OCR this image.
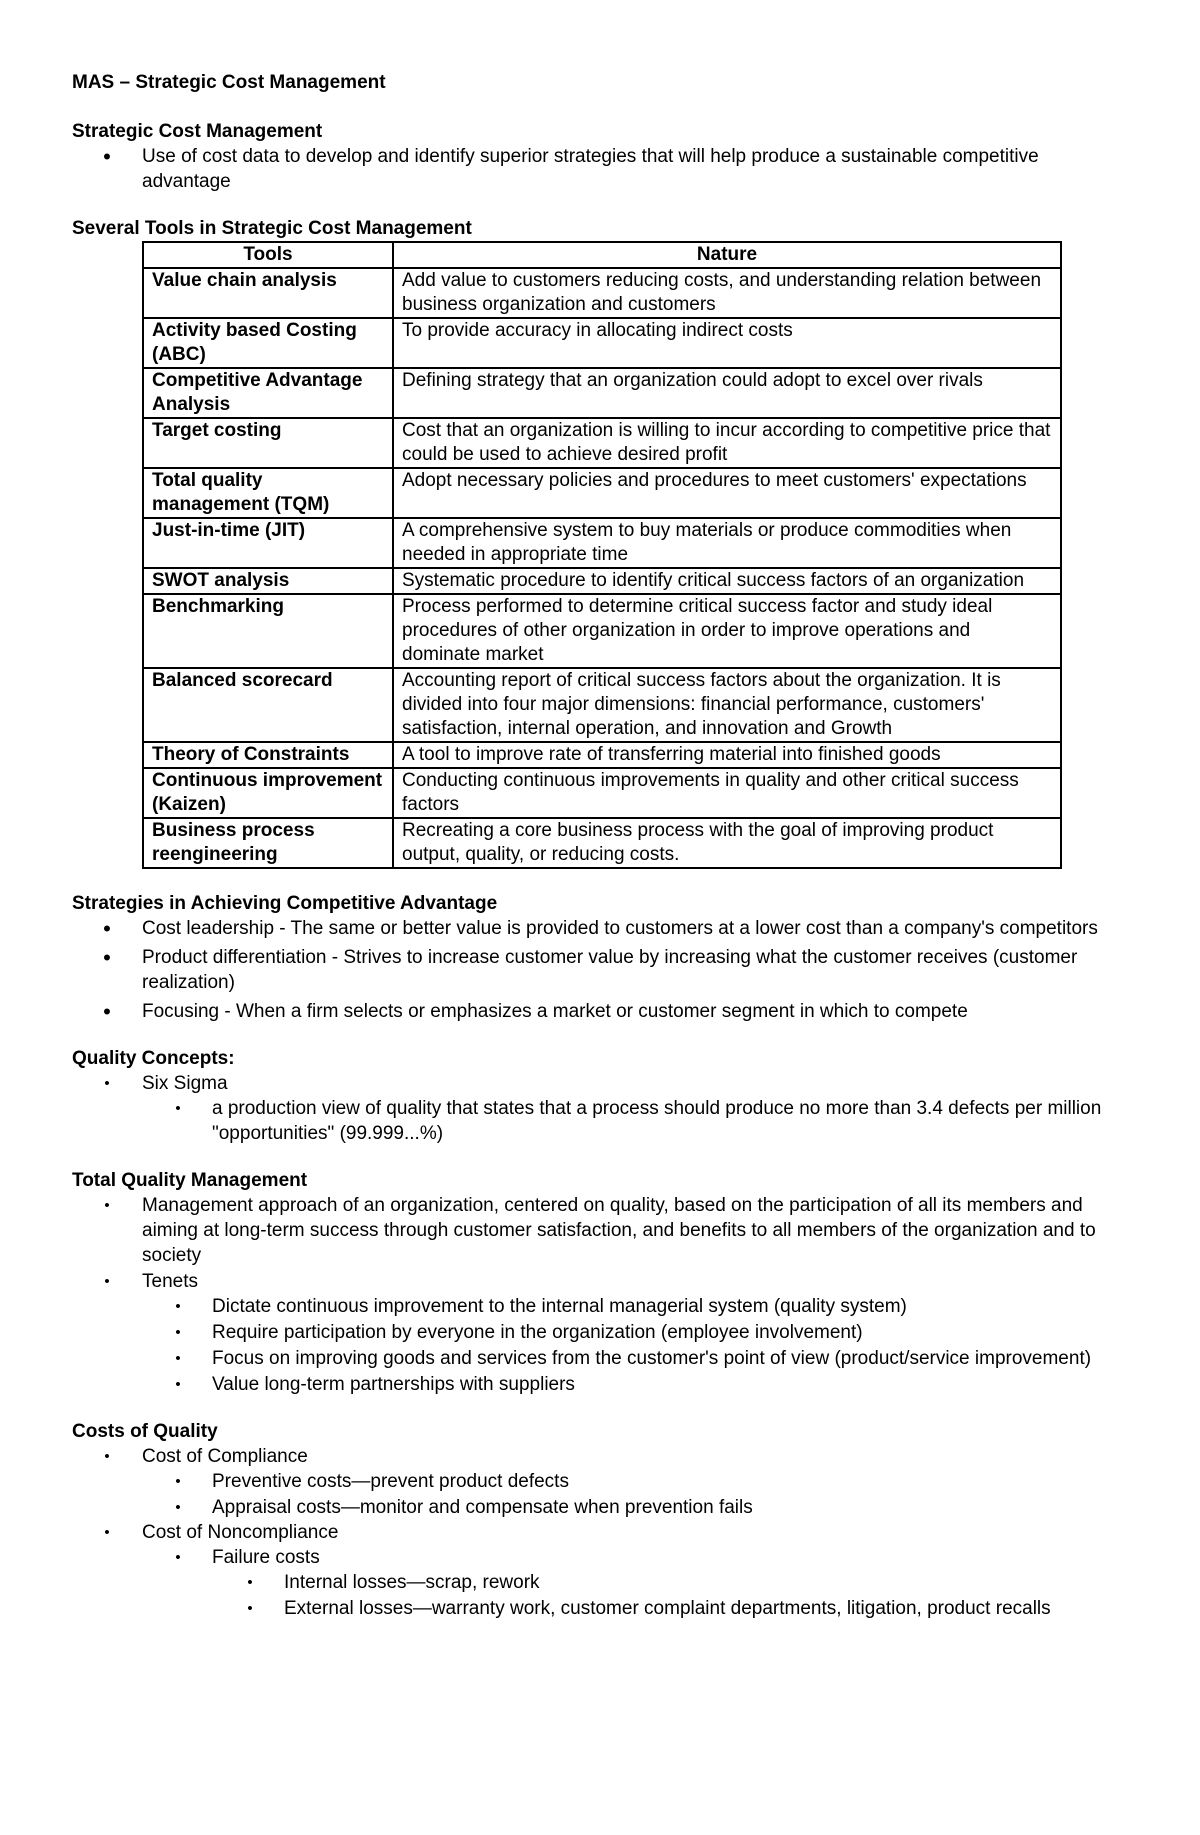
MAS – Strategic Cost Management
Strategic Cost Management
•	Use of cost data to develop and identify superior strategies that will help produce a sustainable competitive advantage
Several Tools in Strategic Cost Management
Tools	Nature
Value chain analysis	Add value to customers reducing costs, and understanding relation between business organization and customers
Activity based Costing (ABC)	To provide accuracy in allocating indirect costs
Competitive Advantage Analysis	Defining strategy that an organization could adopt to excel over rivals
Target costing	Cost that an organization is willing to incur according to competitive price that could be used to achieve desired profit
Total quality management (TQM)	Adopt necessary policies and procedures to meet customers' expectations
Just-in-time (JIT)	A comprehensive system to buy materials or produce commodities when needed in appropriate time
SWOT analysis	Systematic procedure to identify critical success factors of an organization
Benchmarking	Process performed to determine critical success factor and study ideal procedures of other organization in order to improve operations and dominate market
Balanced scorecard	Accounting report of critical success factors about the organization. It is divided into four major dimensions: financial performance, customers' satisfaction, internal operation, and innovation and Growth
Theory of Constraints	A tool to improve rate of transferring material into finished goods
Continuous improvement (Kaizen)	Conducting continuous improvements in quality and other critical success factors
Business process reengineering	Recreating a core business process with the goal of improving product output, quality, or reducing costs.
Strategies in Achieving Competitive Advantage
•	Cost leadership - The same or better value is provided to customers at a lower cost than a company's competitors
•	Product differentiation - Strives to increase customer value by increasing what the customer receives (customer realization)
•	Focusing - When a firm selects or emphasizes a market or customer segment in which to compete
Quality Concepts:
•	Six Sigma
•	a production view of quality that states that a process should produce no more than 3.4 defects per million "opportunities" (99.999...%)
Total Quality Management
•	Management approach of an organization, centered on quality, based on the participation of all its members and aiming at long-term success through customer satisfaction, and benefits to all members of the organization and to society
•	Tenets
•	Dictate continuous improvement to the internal managerial system (quality system)
•	Require participation by everyone in the organization (employee involvement)
•	Focus on improving goods and services from the customer's point of view (product/service improvement)
•	Value long-term partnerships with suppliers
Costs of Quality
•	Cost of Compliance
•	Preventive costs—prevent product defects
•	Appraisal costs—monitor and compensate when prevention fails
•	Cost of Noncompliance
•	Failure costs
•	Internal losses—scrap, rework
•	External losses—warranty work, customer complaint departments, litigation, product recalls
